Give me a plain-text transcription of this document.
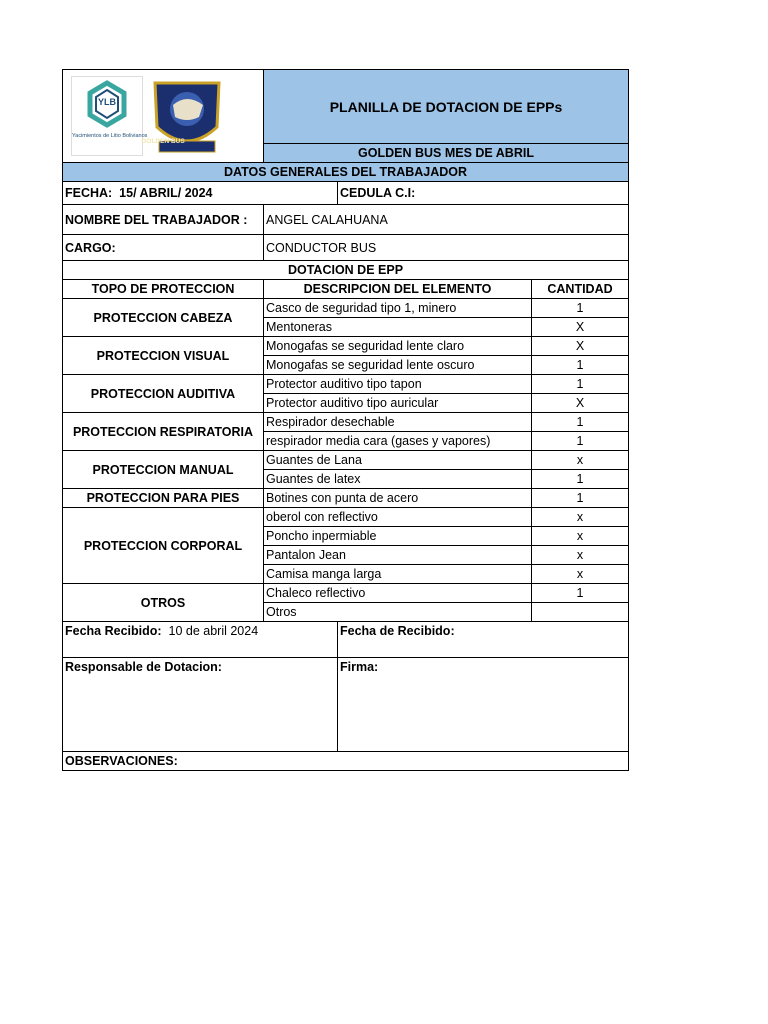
YLB
Yacimientos de Litio Bolivianos
GOLDEN BUS	PLANILLA DE DOTACION DE EPPs		
	GOLDEN BUS MES DE ABRIL		
DATOS GENERALES DEL TRABAJADOR			
FECHA: 15/ ABRIL/ 2024		CEDULA C.I:	
NOMBRE DEL TRABAJADOR :	ANGEL CALAHUANA		
CARGO:	CONDUCTOR BUS		
DOTACION DE EPP			
TOPO DE PROTECCION	DESCRIPCION DEL ELEMENTO		CANTIDAD
PROTECCION CABEZA	Casco de seguridad tipo 1, minero		1
	Mentoneras		X
PROTECCION VISUAL	Monogafas se seguridad lente claro		X
	Monogafas se seguridad lente oscuro		1
PROTECCION AUDITIVA	Protector auditivo tipo tapon		1
	Protector auditivo tipo auricular		X
PROTECCION RESPIRATORIA	Respirador desechable		1
	respirador media cara (gases y vapores)		1
PROTECCION MANUAL	Guantes de Lana		x
	Guantes de latex		1
PROTECCION PARA PIES	Botines con punta de acero		1
PROTECCION CORPORAL	oberol con reflectivo		x
	Poncho inpermiable		x
	Pantalon Jean		x
	Camisa manga larga		x
OTROS	Chaleco reflectivo		1
	Otros		
Fecha Recibido: 10 de abril 2024		Fecha de Recibido:	
Responsable de Dotacion:		Firma:	
OBSERVACIONES:			
